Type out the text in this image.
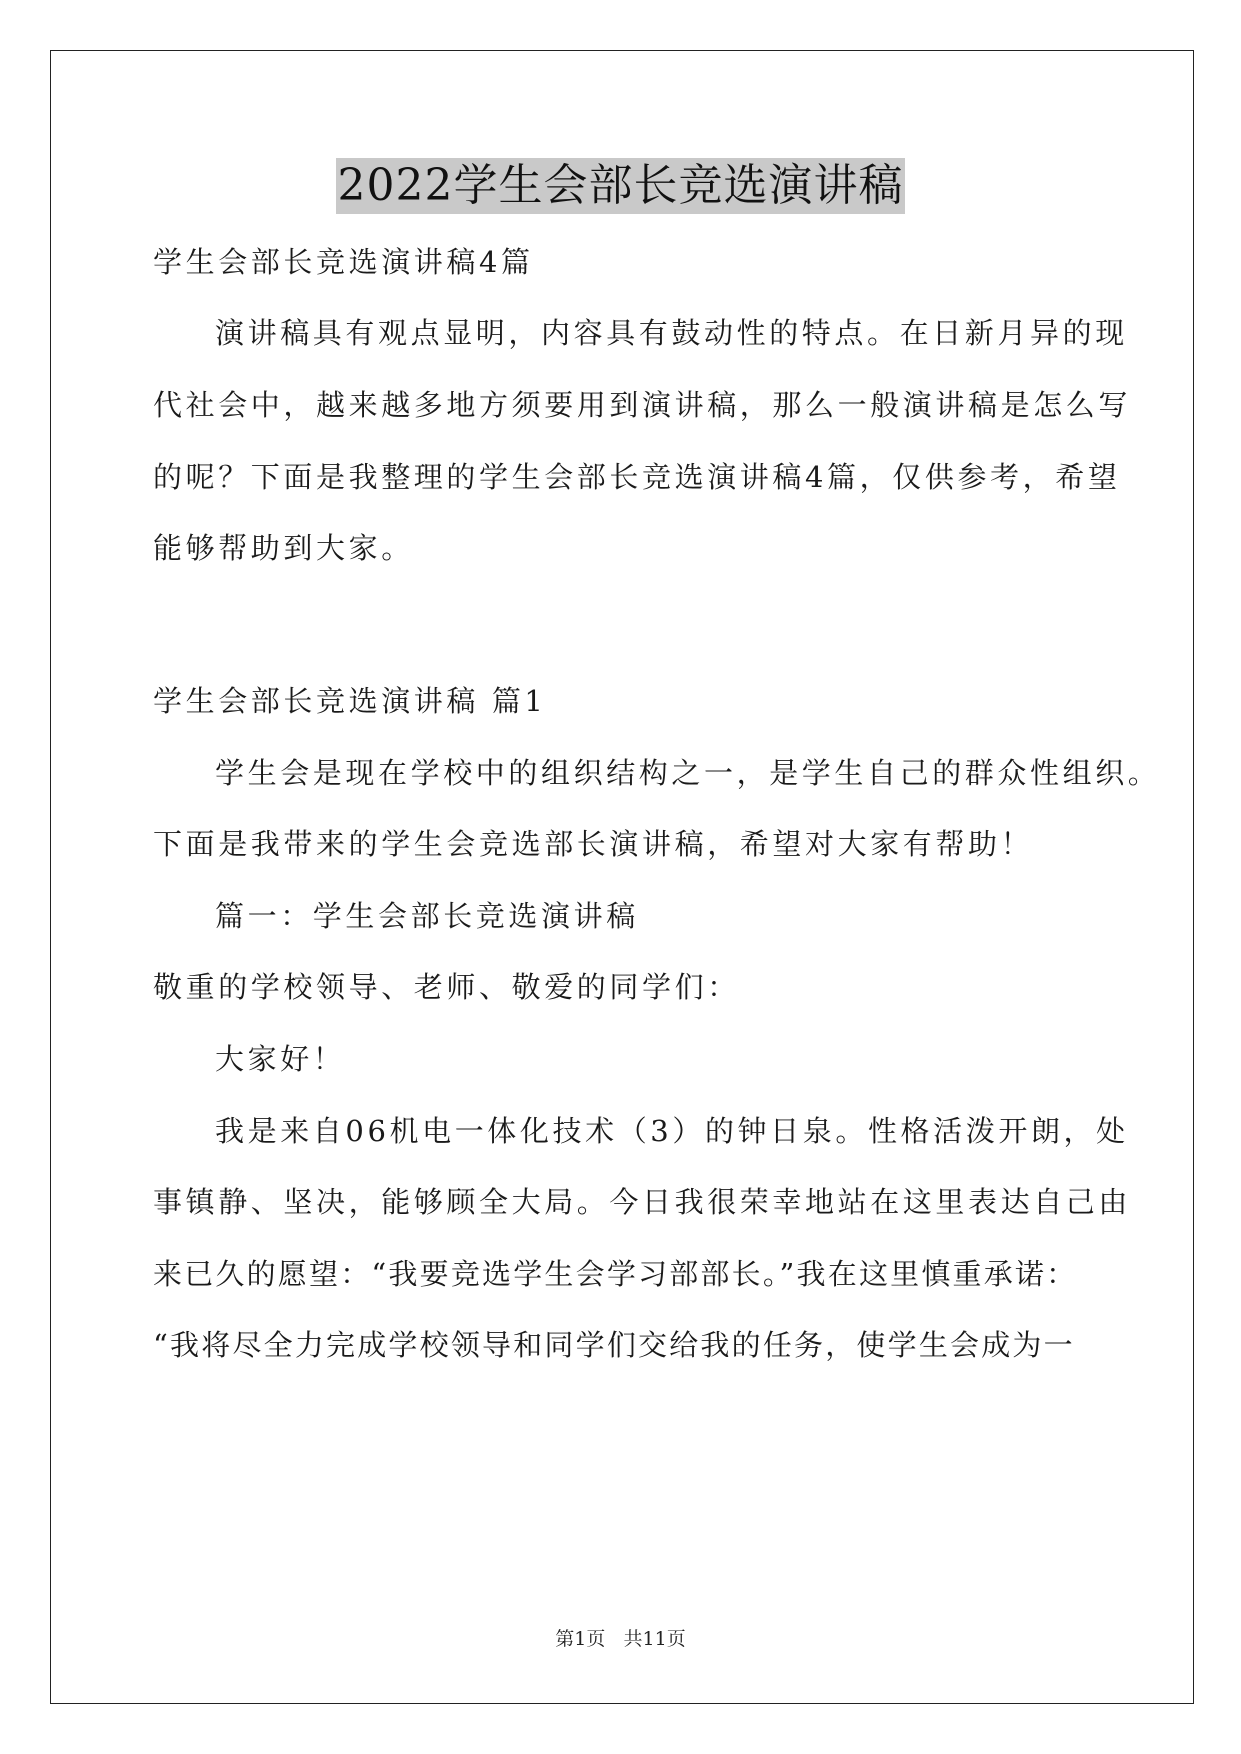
2022学生会部长竞选演讲稿
学生会部长竞选演讲稿4篇
演讲稿具有观点显明，内容具有鼓动性的特点。在日新月异的现
代社会中，越来越多地方须要用到演讲稿，那么一般演讲稿是怎么写
的呢？下面是我整理的学生会部长竞选演讲稿4篇，仅供参考，希望
能够帮助到大家。
学生会部长竞选演讲稿 篇1
学生会是现在学校中的组织结构之一，是学生自己的群众性组织。
下面是我带来的学生会竞选部长演讲稿，希望对大家有帮助！
篇一：学生会部长竞选演讲稿
敬重的学校领导、老师、敬爱的同学们：
大家好！
我是来自06机电一体化技术（3）的钟日泉。性格活泼开朗，处
事镇静、坚决，能够顾全大局。今日我很荣幸地站在这里表达自己由
来已久的愿望：“我要竞选学生会学习部部长。”我在这里慎重承诺：
“我将尽全力完成学校领导和同学们交给我的任务，使学生会成为一
第1页 共11页
